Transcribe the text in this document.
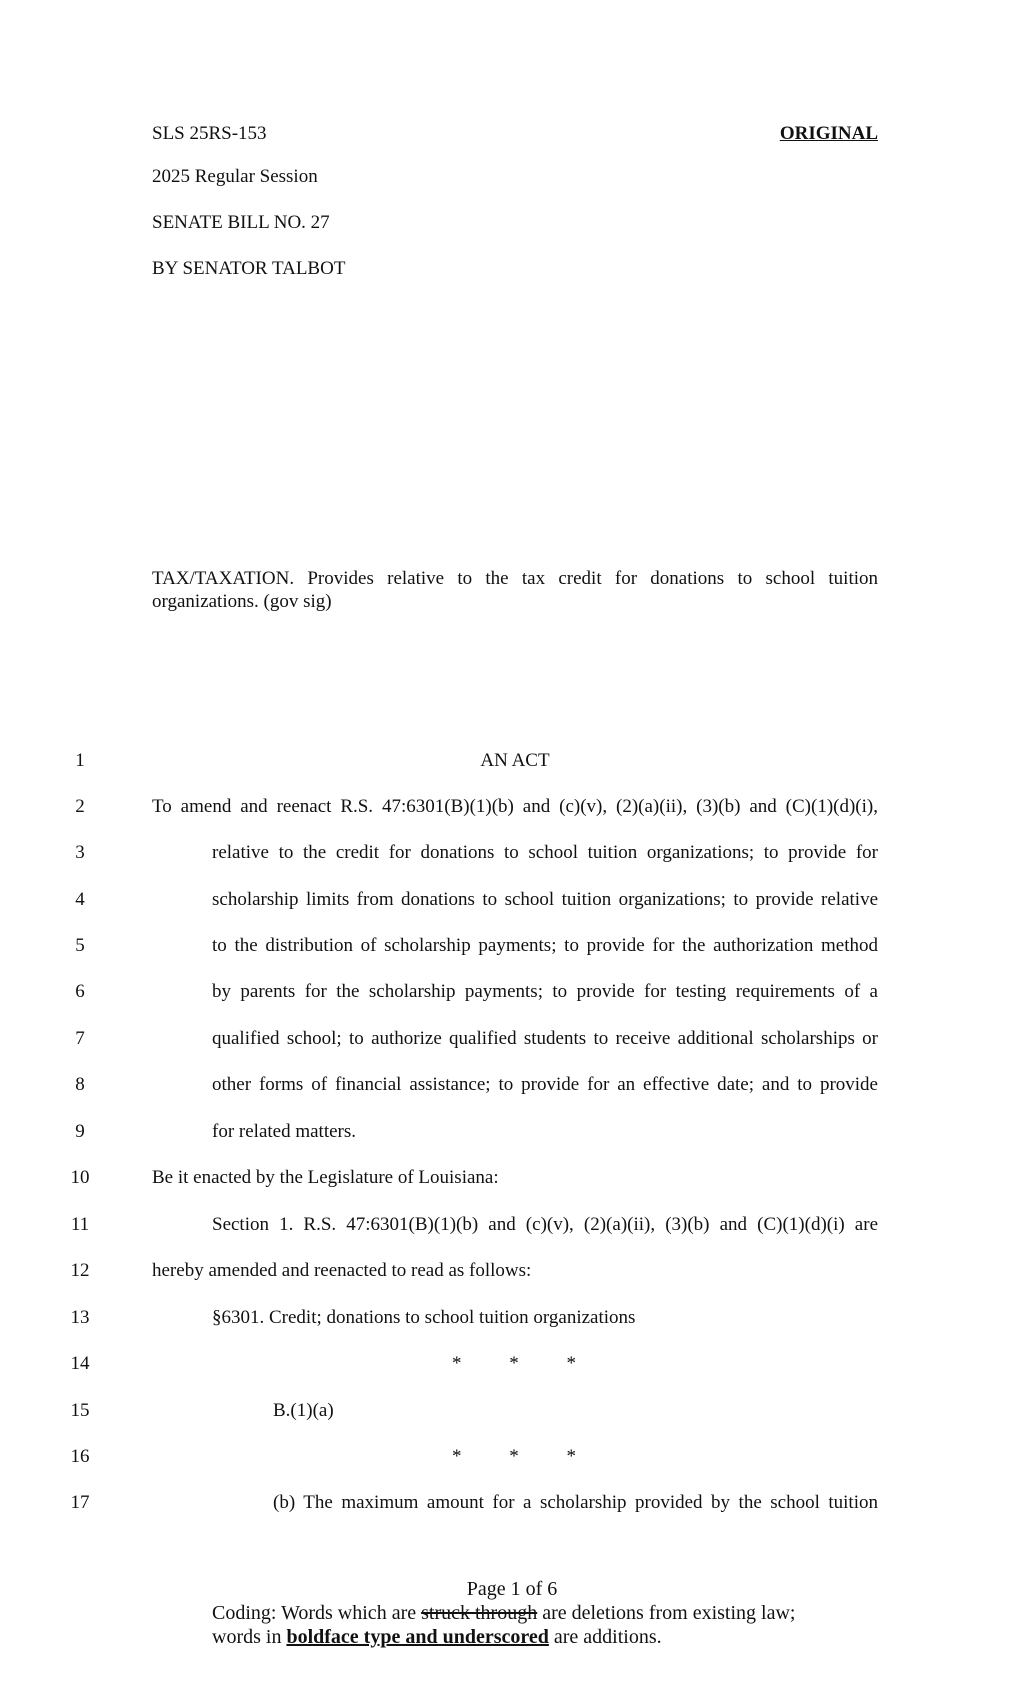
SLS 25RS-153	ORIGINAL
2025 Regular Session
SENATE BILL NO. 27
BY SENATOR TALBOT
TAX/TAXATION. Provides relative to the tax credit for donations to school tuition organizations. (gov sig)
1	AN ACT
2	To amend and reenact R.S. 47:6301(B)(1)(b) and (c)(v), (2)(a)(ii), (3)(b) and (C)(1)(d)(i),
3	relative to the credit for donations to school tuition organizations; to provide for
4	scholarship limits from donations to school tuition organizations; to provide relative
5	to the distribution of scholarship payments; to provide for the authorization method
6	by parents for the scholarship payments; to provide for testing requirements of a
7	qualified school; to authorize qualified students to receive additional scholarships or
8	other forms of financial assistance; to provide for an effective date; and to provide
9	for related matters.
10	Be it enacted by the Legislature of Louisiana:
11	Section 1. R.S. 47:6301(B)(1)(b) and (c)(v), (2)(a)(ii), (3)(b) and (C)(1)(d)(i) are
12	hereby amended and reenacted to read as follows:
13	§6301. Credit; donations to school tuition organizations
14	*	*	*
15	B.(1)(a)
16	*	*	*
17	(b) The maximum amount for a scholarship provided by the school tuition
Page 1 of 6
Coding: Words which are struck through are deletions from existing law;
words in boldface type and underscored are additions.
